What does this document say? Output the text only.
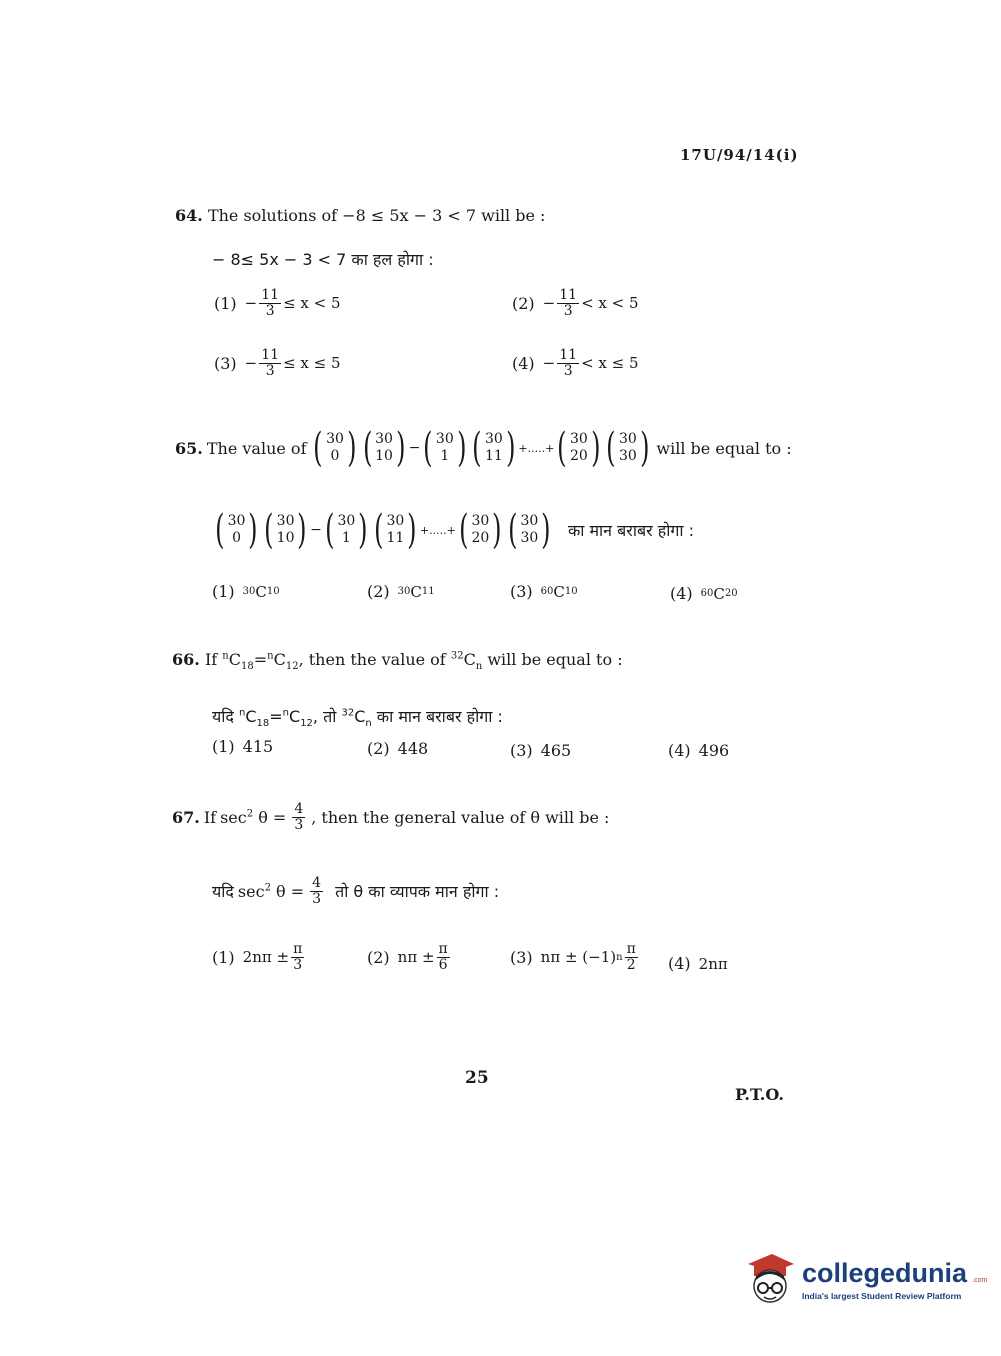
17U/94/14(i)
64. The solutions of −8 ≤ 5x − 3 < 7 will be :
− 8≤ 5x − 3 < 7 का हल होगा :
$(1) - \frac{11}{3} \le x < 5$	$(2) - \frac{11}{3} < x < 5$
$(3) - \frac{11}{3} \le x \le 5$	$(4) - \frac{11}{3} < x \le 5$
65. The value of ( 30
0 ) ( 30
10 ) − ( 30
1 ) ( 30
11 ) +.....+ ( 30
20 ) ( 30
30 ) will be equal to :
( 30
0 ) ( 30
10 ) − ( 30
1 ) ( 30
11 ) +.....+ ( 30
20 ) ( 30
30 ) का मान बराबर होगा :
(1) 30 C 10	(2) 30 C 11	(3) 60 C 10	(4) 60 C 20
66. If $^nC_{18}=^nC_{12}$, then the value of $^{32}C_n$ will be equal to :
यदि $^nC_{18}=^nC_{12}$, तो $^{32}C_n$ का मान बराबर होगा :
(1) 415	(2) 448	(3) 465	(4) 496
67. If $\sec^2 \theta = \frac{4}{3}$ , then the general value of θ will be :
यदि $\sec^2 \theta = \frac{4}{3}$ तो θ का व्यापक मान होगा :
(1) $2n\pi \pm \frac{\pi}{3}$	(2) $n\pi \pm \frac{\pi}{6}$	(3) nπ ± (−1) n $\frac{\pi}{2} (4)$ 2nπ
25
P.T.O.
collegedunia .com
India's largest Student Review Platform
